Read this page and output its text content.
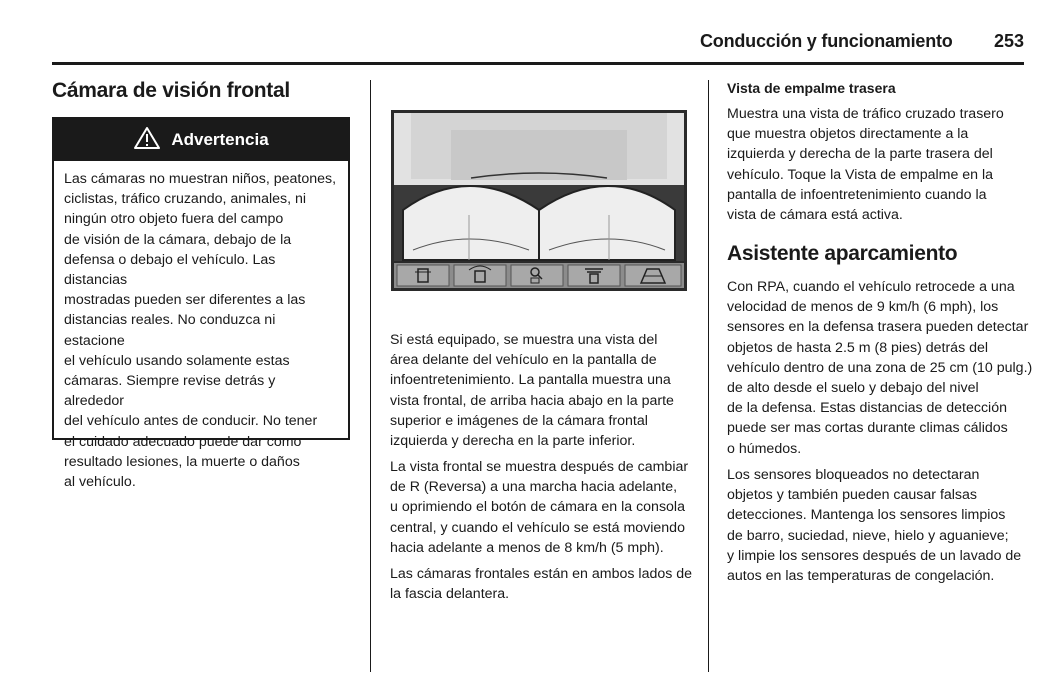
Conducción y funcionamiento 253
Cámara de visión frontal
Advertencia
Las cámaras no muestran niños, peatones,
ciclistas, tráfico cruzando, animales, ni
ningún otro objeto fuera del campo
de visión de la cámara, debajo de la
defensa o debajo el vehículo. Las distancias
mostradas pueden ser diferentes a las
distancias reales. No conduzca ni estacione
el vehículo usando solamente estas
cámaras. Siempre revise detrás y alrededor
del vehículo antes de conducir. No tener
el cuidado adecuado puede dar como
resultado lesiones, la muerte o daños
al vehículo.
Si está equipado, se muestra una vista del
área delante del vehículo en la pantalla de
infoentretenimiento. La pantalla muestra una
vista frontal, de arriba hacia abajo en la parte
superior e imágenes de la cámara frontal
izquierda y derecha en la parte inferior.
La vista frontal se muestra después de cambiar
de R (Reversa) a una marcha hacia adelante,
u oprimiendo el botón de cámara en la consola
central, y cuando el vehículo se está moviendo
hacia adelante a menos de 8 km/h (5 mph).
Las cámaras frontales están en ambos lados de
la fascia delantera.
Vista de empalme trasera
Muestra una vista de tráfico cruzado trasero
que muestra objetos directamente a la
izquierda y derecha de la parte trasera del
vehículo. Toque la Vista de empalme en la
pantalla de infoentretenimiento cuando la
vista de cámara está activa.
Asistente aparcamiento
Con RPA, cuando el vehículo retrocede a una
velocidad de menos de 9 km/h (6 mph), los
sensores en la defensa trasera pueden detectar
objetos de hasta 2.5 m (8 pies) detrás del
vehículo dentro de una zona de 25 cm (10 pulg.)
de alto desde el suelo y debajo del nivel
de la defensa. Estas distancias de detección
puede ser mas cortas durante climas cálidos
o húmedos.
Los sensores bloqueados no detectaran
objetos y también pueden causar falsas
detecciones. Mantenga los sensores limpios
de barro, suciedad, nieve, hielo y aguanieve;
y limpie los sensores después de un lavado de
autos en las temperaturas de congelación.
